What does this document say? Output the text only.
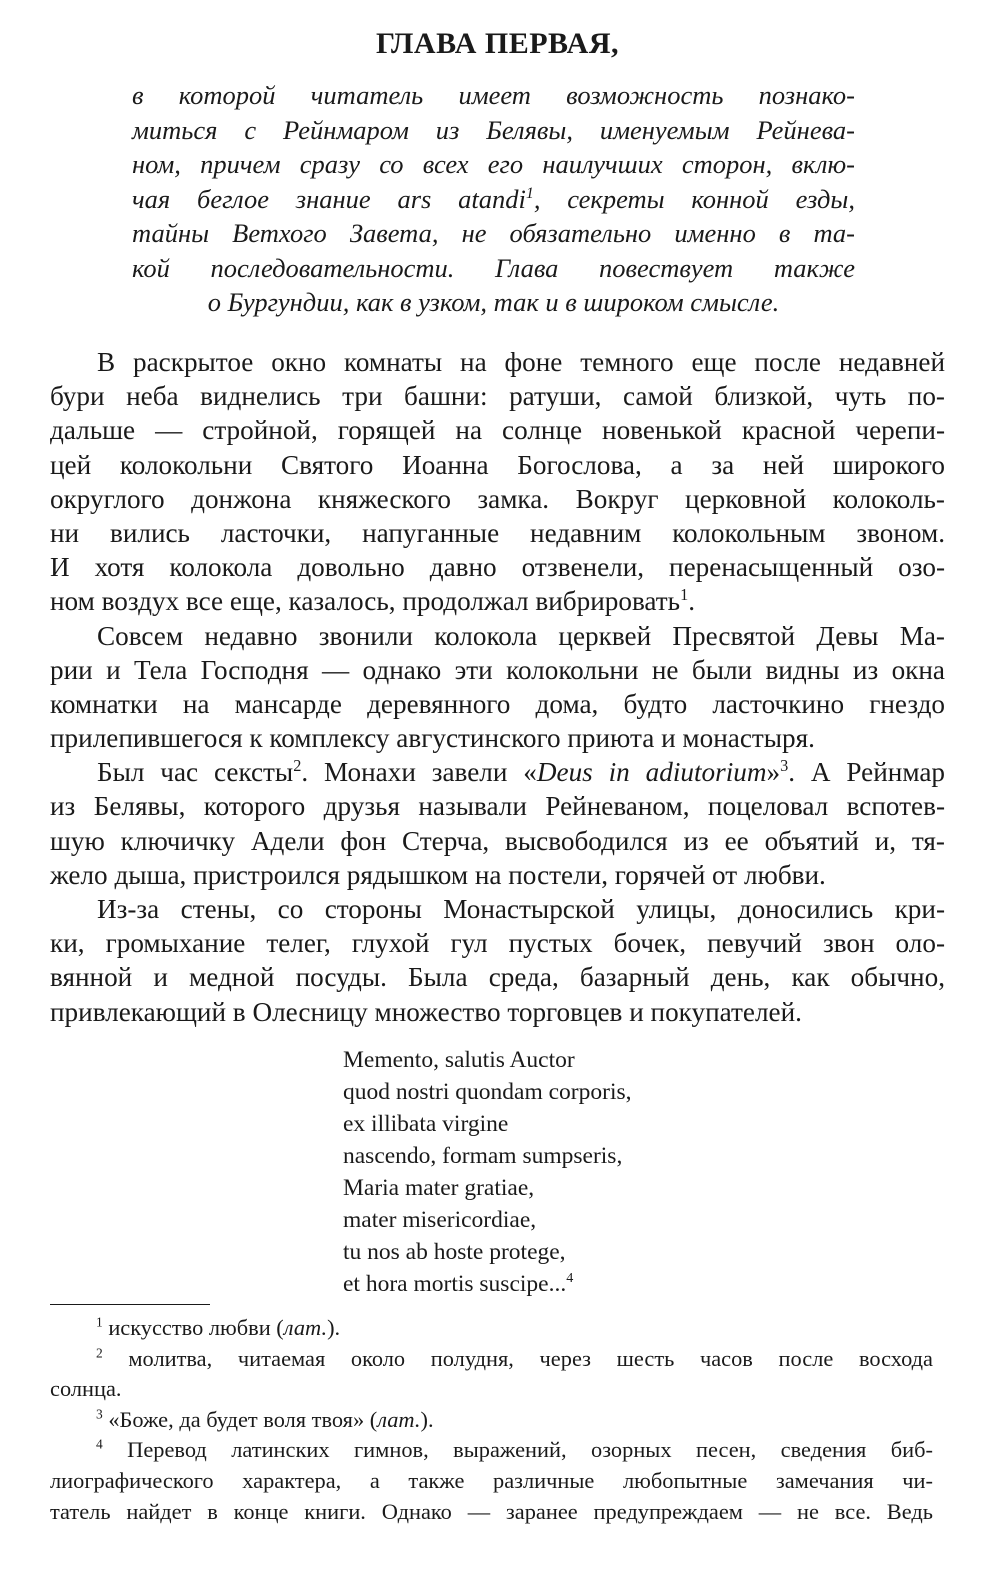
ГЛАВА ПЕРВАЯ,
в которой читатель имеет возможность познако-
миться с Рейнмаром из Белявы, именуемым Рейнева-
ном, причем сразу со всех его наилучших сторон, вклю-
чая беглое знание ars atandi$^1$, секреты конной езды,
тайны Ветхого Завета, не обязательно именно в та-
кой последовательности. Глава повествует также
о Бургундии, как в узком, так и в широком смысле.
В раскрытое окно комнаты на фоне темного еще после недавней
бури неба виднелись три башни: ратуши, самой близкой, чуть по-
дальше — стройной, горящей на солнце новенькой красной черепи-
цей колокольни Святого Иоанна Богослова, а за ней широкого
округлого донжона княжеского замка. Вокруг церковной колоколь-
ни вились ласточки, напуганные недавним колокольным звоном.
И хотя колокола довольно давно отзвенели, перенасыщенный озо-
ном воздух все еще, казалось, продолжал вибрировать$^1$.
Совсем недавно звонили колокола церквей Пресвятой Девы Ма-
рии и Тела Господня — однако эти колокольни не были видны из окна
комнатки на мансарде деревянного дома, будто ласточкино гнездо
прилепившегося к комплексу августинского приюта и монастыря.
Был час сексты$^2$. Монахи завели «Deus in adiutorium»$^3$. А Рейнмар
из Белявы, которого друзья называли Рейневаном, поцеловал вспотев-
шую ключичку Адели фон Стерча, высвободился из ее объятий и, тя-
жело дыша, пристроился рядышком на постели, горячей от любви.
Из-за стены, со стороны Монастырской улицы, доносились кри-
ки, громыхание телег, глухой гул пустых бочек, певучий звон оло-
вянной и медной посуды. Была среда, базарный день, как обычно,
привлекающий в Олесницу множество торговцев и покупателей.
Memento, salutis Auctor
quod nostri quondam corporis,
ex illibata virgine
nascendo, formam sumpseris,
Maria mater gratiae,
mater misericordiae,
tu nos ab hoste protege,
et hora mortis suscipe...$^4$
$^1$ искусство любви (лат.).
$^2$ молитва, читаемая около полудня, через шесть часов после восхода
солнца.
$^3$ «Боже, да будет воля твоя» (лат.).
$^4$ Перевод латинских гимнов, выражений, озорных песен, сведения биб-
лиографического характера, а также различные любопытные замечания чи-
татель найдет в конце книги. Однако — заранее предупреждаем — не все. Ведь
